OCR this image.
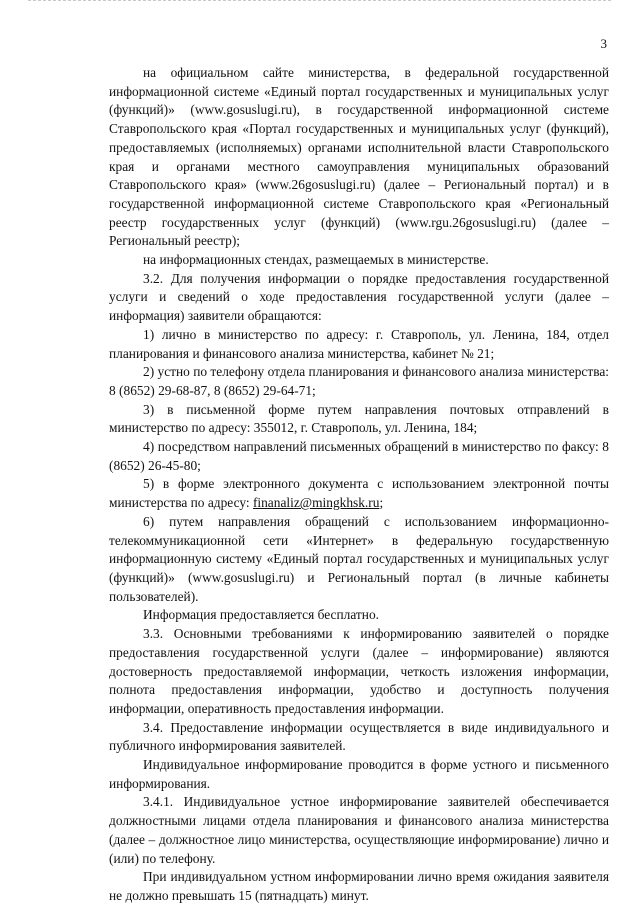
3

на официальном сайте министерства, в федеральной государственной информационной системе «Единый портал государственных и муниципальных услуг (функций)» (www.gosuslugi.ru), в государственной информационной системе Ставропольского края «Портал государственных и муниципальных услуг (функций), предоставляемых (исполняемых) органами исполнительной власти Ставропольского края и органами местного самоуправления муниципальных образований Ставропольского края» (www.26gosuslugi.ru) (далее – Региональный портал) и в государственной информационной системе Ставропольского края «Региональный реестр государственных услуг (функций) (www.rgu.26gosuslugi.ru) (далее – Региональный реестр);

на информационных стендах, размещаемых в министерстве.

3.2. Для получения информации о порядке предоставления государственной услуги и сведений о ходе предоставления государственной услуги (далее – информация) заявители обращаются:

1) лично в министерство по адресу: г. Ставрополь, ул. Ленина, 184, отдел планирования и финансового анализа министерства, кабинет № 21;

2) устно по телефону отдела планирования и финансового анализа министерства: 8 (8652) 29-68-87, 8 (8652) 29-64-71;

3) в письменной форме путем направления почтовых отправлений в министерство по адресу: 355012, г. Ставрополь, ул. Ленина, 184;

4) посредством направлений письменных обращений в министерство по факсу: 8 (8652) 26-45-80;

5) в форме электронного документа с использованием электронной почты министерства по адресу: finanaliz@mingkhsk.ru;

6) путем направления обращений с использованием информационно-телекоммуникационной сети «Интернет» в федеральную государственную информационную систему «Единый портал государственных и муниципальных услуг (функций)» (www.gosuslugi.ru) и Региональный портал (в личные кабинеты пользователей).

Информация предоставляется бесплатно.

3.3. Основными требованиями к информированию заявителей о порядке предоставления государственной услуги (далее – информирование) являются достоверность предоставляемой информации, четкость изложения информации, полнота предоставления информации, удобство и доступность получения информации, оперативность предоставления информации.

3.4. Предоставление информации осуществляется в виде индивидуального и публичного информирования заявителей.

Индивидуальное информирование проводится в форме устного и письменного информирования.

3.4.1. Индивидуальное устное информирование заявителей обеспечивается должностными лицами отдела планирования и финансового анализа министерства (далее – должностное лицо министерства, осуществляющие информирование) лично и (или) по телефону.

При индивидуальном устном информировании лично время ожидания заявителя не должно превышать 15 (пятнадцать) минут.
